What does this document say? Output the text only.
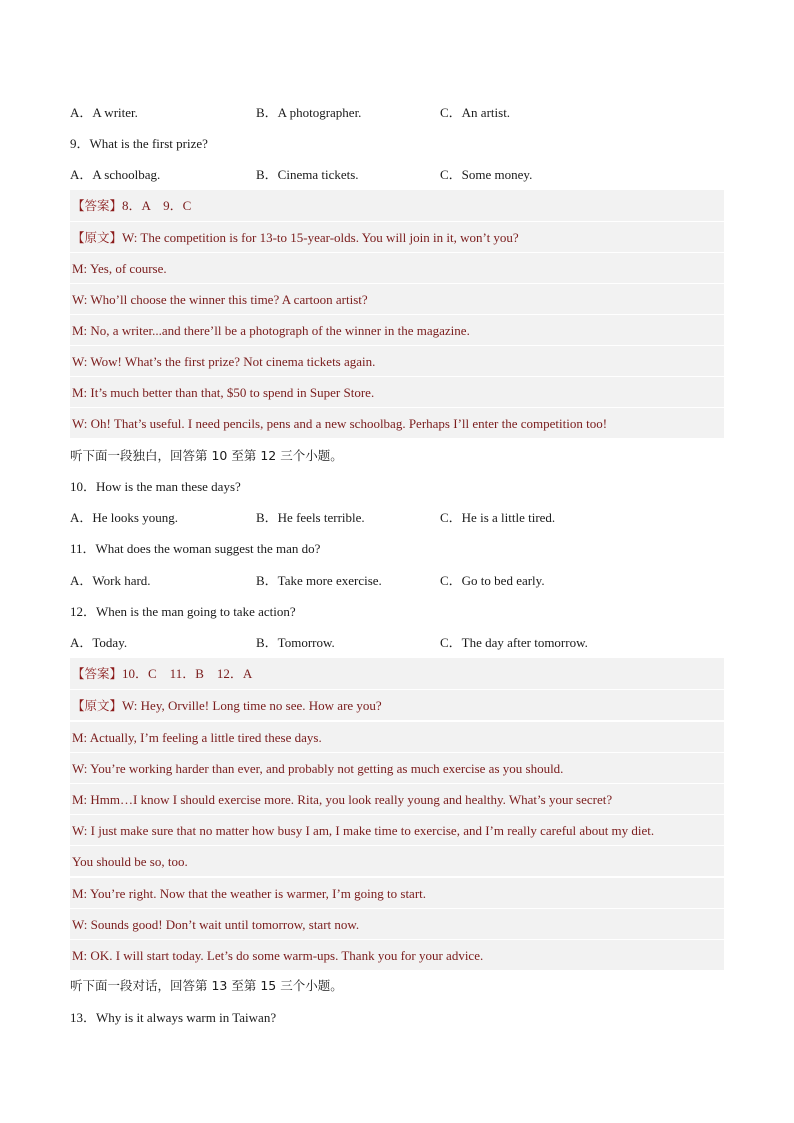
A．A writer.	B．A photographer.	C．An artist.
9．What is the first prize?
A．A schoolbag.	B．Cinema tickets.	C．Some money.
【答案】8．A　9．C
【原文】W: The competition is for 13-to 15-year-olds. You will join in it, won’t you?
M: Yes, of course.
W: Who’ll choose the winner this time? A cartoon artist?
M: No, a writer...and there’ll be a photograph of the winner in the magazine.
W: Wow! What’s the first prize? Not cinema tickets again.
M: It’s much better than that, $50 to spend in Super Store.
W: Oh! That’s useful. I need pencils, pens and a new schoolbag. Perhaps I’ll enter the competition too!
听下面一段独白，回答第 10 至第 12 三个小题。
10．How is the man these days?
A．He looks young.	B．He feels terrible.	C．He is a little tired.
11．What does the woman suggest the man do?
A．Work hard.	B．Take more exercise.	C．Go to bed early.
12．When is the man going to take action?
A．Today.	B．Tomorrow.	C．The day after tomorrow.
【答案】10．C　11．B　12．A
【原文】W: Hey, Orville! Long time no see. How are you?
M: Actually, I’m feeling a little tired these days.
W: You’re working harder than ever, and probably not getting as much exercise as you should.
M: Hmm…I know I should exercise more. Rita, you look really young and healthy. What’s your secret?
W: I just make sure that no matter how busy I am, I make time to exercise, and I’m really careful about my diet.
You should be so, too.
M: You’re right. Now that the weather is warmer, I’m going to start.
W: Sounds good! Don’t wait until tomorrow, start now.
M: OK. I will start today. Let’s do some warm-ups. Thank you for your advice.
听下面一段对话，回答第 13 至第 15 三个小题。
13．Why is it always warm in Taiwan?
